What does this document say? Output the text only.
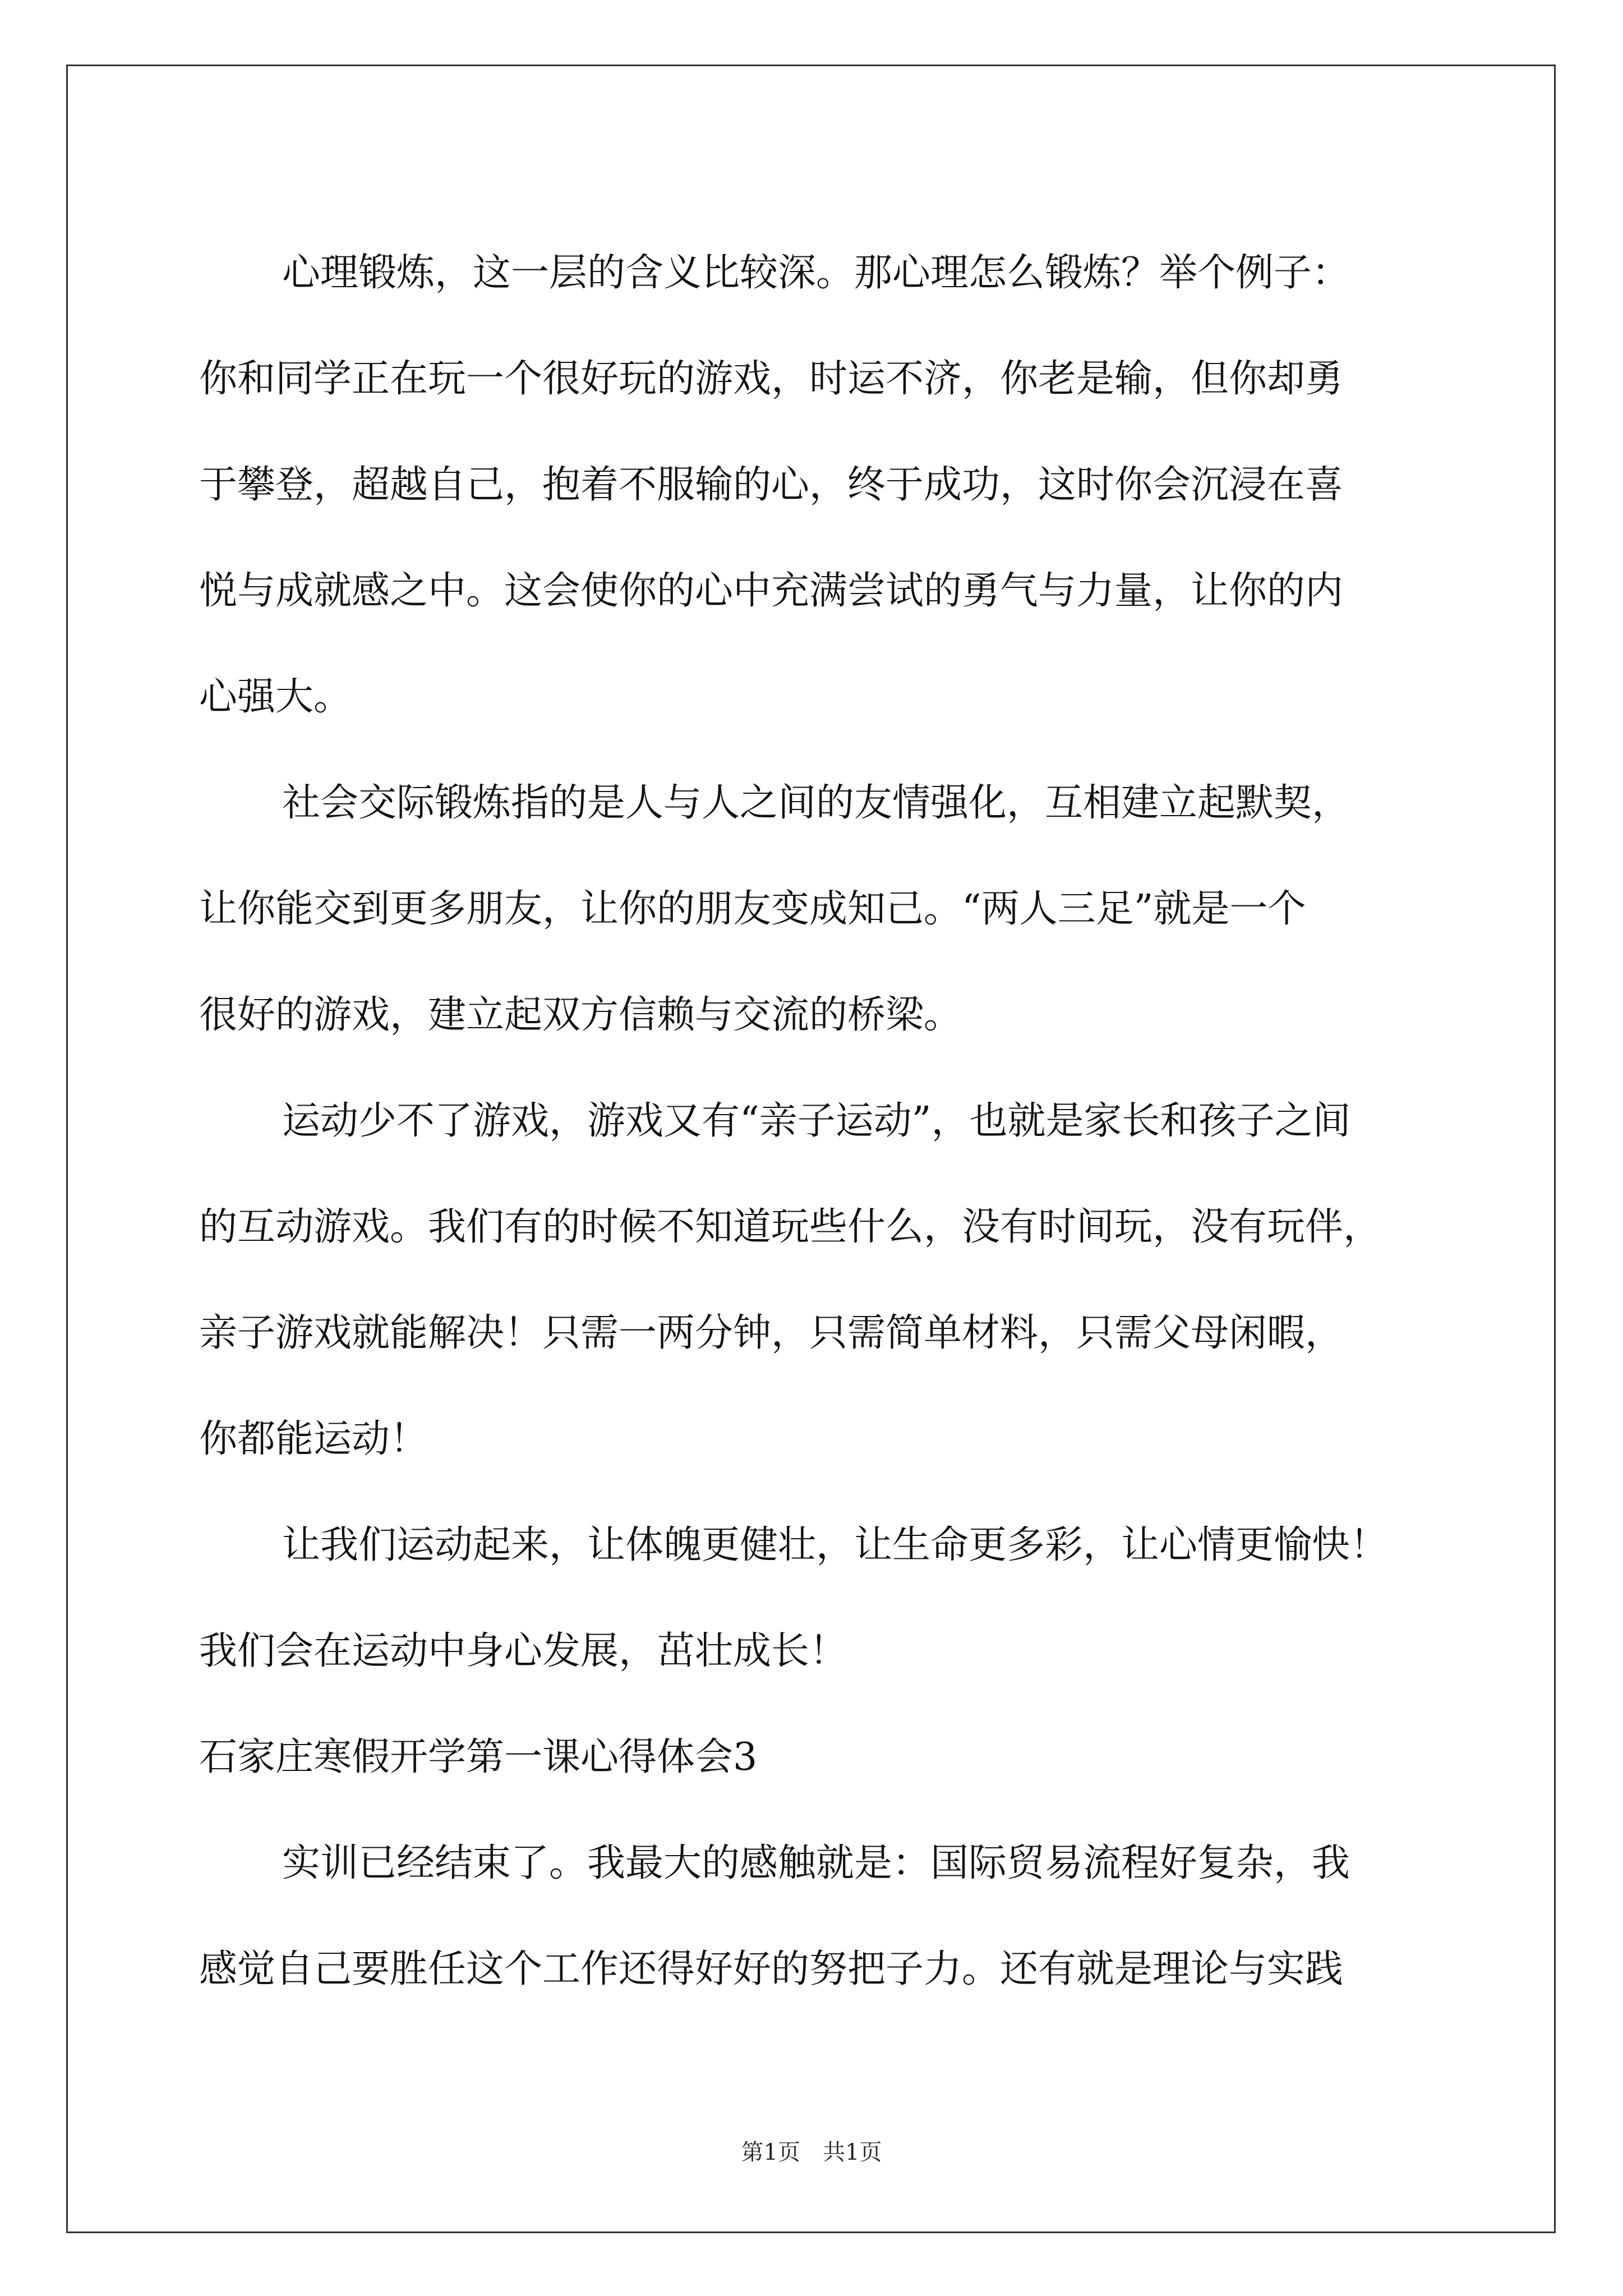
心理锻炼，这一层的含义比较深。那心理怎么锻炼？举个例子：
你和同学正在玩一个很好玩的游戏，时运不济，你老是输，但你却勇
于攀登，超越自己，抱着不服输的心，终于成功，这时你会沉浸在喜
悦与成就感之中。这会使你的心中充满尝试的勇气与力量，让你的内
心强大。
社会交际锻炼指的是人与人之间的友情强化，互相建立起默契，
让你能交到更多朋友，让你的朋友变成知己。“两人三足”就是一个
很好的游戏，建立起双方信赖与交流的桥梁。
运动少不了游戏，游戏又有“亲子运动”，也就是家长和孩子之间
的互动游戏。我们有的时候不知道玩些什么，没有时间玩，没有玩伴，
亲子游戏就能解决！只需一两分钟，只需简单材料，只需父母闲暇，
你都能运动！
让我们运动起来，让体魄更健壮，让生命更多彩，让心情更愉快！
我们会在运动中身心发展，茁壮成长！
石家庄寒假开学第一课心得体会3
实训已经结束了。我最大的感触就是：国际贸易流程好复杂，我
感觉自己要胜任这个工作还得好好的努把子力。还有就是理论与实践
第1页 共1页
